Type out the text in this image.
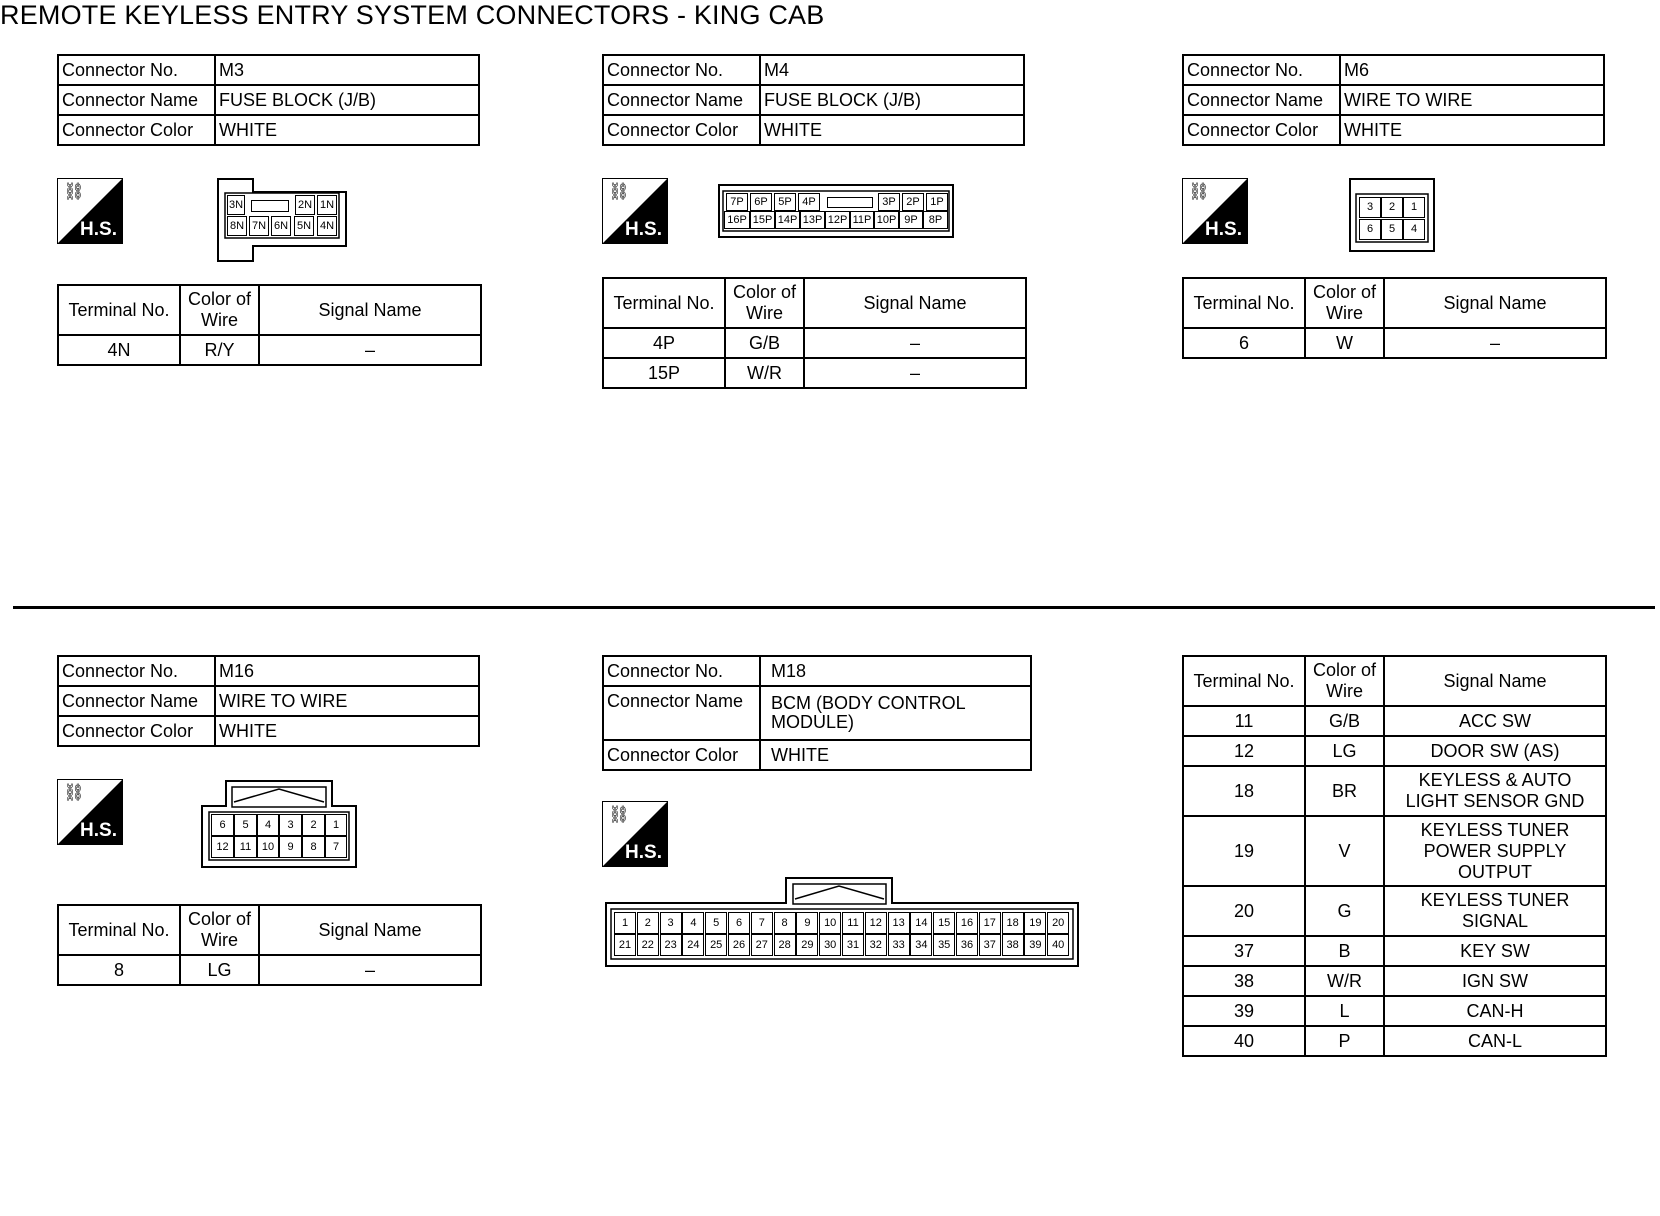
REMOTE KEYLESS ENTRY SYSTEM CONNECTORS - KING CAB
Connector No.	M3
Connector Name	FUSE BLOCK (J/B)
Connector Color	WHITE
⛓
H.S.
3N	2N 1N
8N 7N 6N 5N 4N
Terminal No.	Color of Wire	Signal Name
4N	R/Y	–
Connector No.	M4
Connector Name	FUSE BLOCK (J/B)
Connector Color	WHITE
⛓
H.S.
7P 6P 5P 4P	3P 2P 1P
16P 15P 14P 13P 12P 11P 10P 9P	8P
Terminal No.	Color of Wire	Signal Name
4P	G/B	–
15P	W/R	–
Connector No.	M6
Connector Name	WIRE TO WIRE
Connector Color	WHITE
⛓
H.S.
3	2	1
6	5	4
Terminal No.	Color of Wire	Signal Name
6	W	–
Connector No.	M16
Connector Name	WIRE TO WIRE
Connector Color	WHITE
⛓
H.S.	6	5	4	3	2	1
12	11 10	9	8	7
Terminal No.	Color of Wire	Signal Name
8	LG	–
Connector No.	M18
Connector Name	BCM (BODY CONTROL MODULE)
Connector Color	WHITE
⛓
H.S.
1	2	3	4	5	6	7	8	9	10 11 12 13 14 15 16 17 18 19 20
21 22 23 24 25 26 27 28 29 30 31 32 33 34 35 36 37 38 39 40
Terminal No.	Color of Wire	Signal Name
11	G/B	ACC SW
12	LG	DOOR SW (AS)
18	BR	KEYLESS & AUTO LIGHT SENSOR GND
19	V	KEYLESS TUNER POWER SUPPLY OUTPUT
20	G	KEYLESS TUNER SIGNAL
37	B	KEY SW
38	W/R	IGN SW
39	L	CAN-H
40	P	CAN-L
